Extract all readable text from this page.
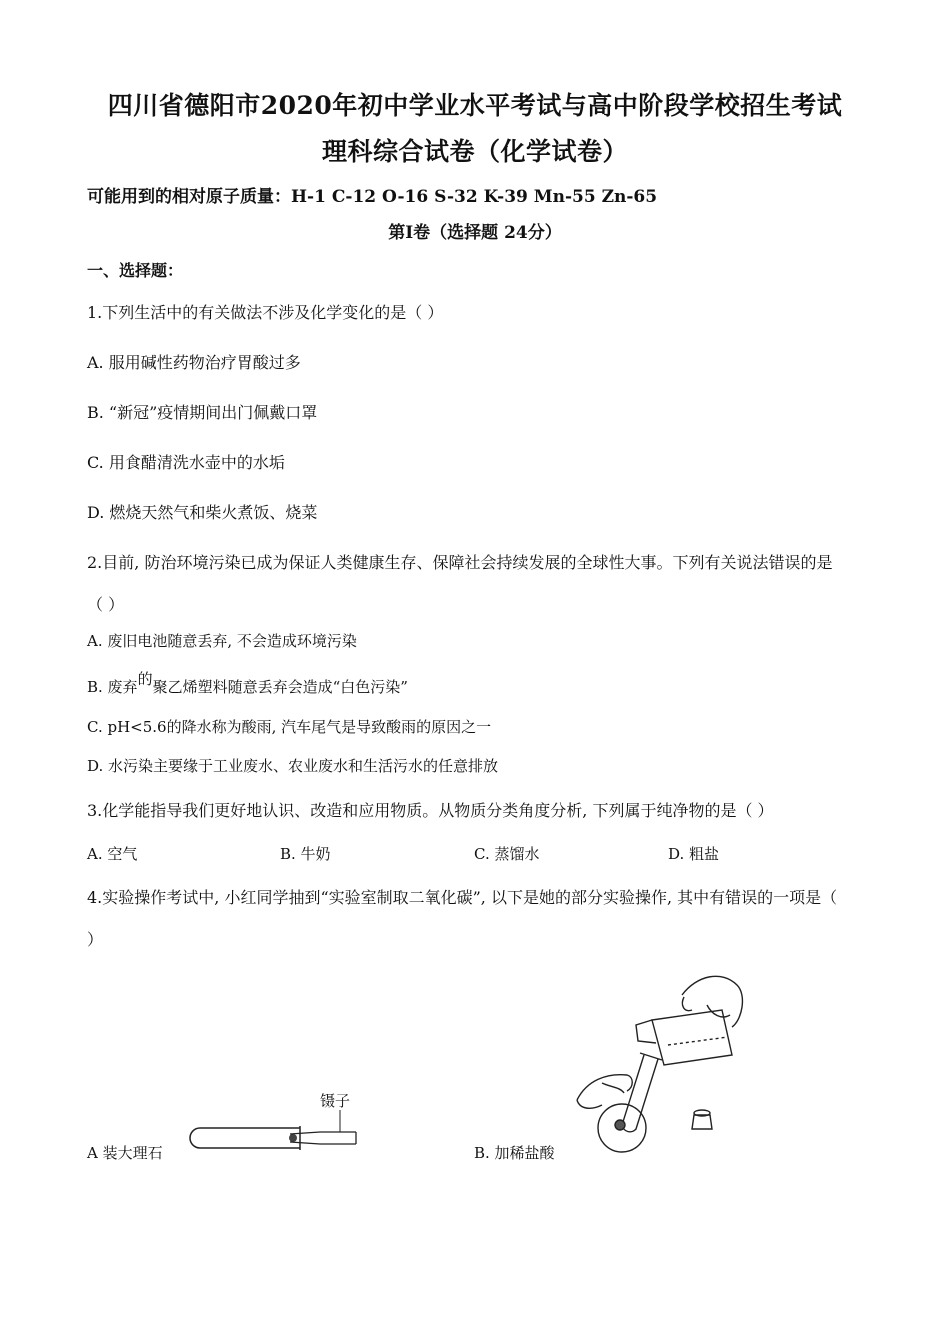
四川省德阳市2020年初中学业水平考试与高中阶段学校招生考试
理科综合试卷（化学试卷）
可能用到的相对原子质量：H-1 C-12 O-16 S-32 K-39 Mn-55 Zn-65
第Ⅰ卷（选择题 24分）
一、选择题：
1.下列生活中的有关做法不涉及化学变化的是（ ）
A. 服用碱性药物治疗胃酸过多
B. “新冠”疫情期间出门佩戴口罩
C. 用食醋清洗水壶中的水垢
D. 燃烧天然气和柴火煮饭、烧菜
2.目前, 防治环境污染已成为保证人类健康生存、保障社会持续发展的全球性大事。下列有关说法错误的是
（ ）
A. 废旧电池随意丢弃, 不会造成环境污染
B. 废弃的聚乙烯塑料随意丢弃会造成“白色污染”
C. pH<5.6的降水称为酸雨, 汽车尾气是导致酸雨的原因之一
D. 水污染主要缘于工业废水、农业废水和生活污水的任意排放
3.化学能指导我们更好地认识、改造和应用物质。从物质分类角度分析, 下列属于纯净物的是（ ）
A. 空气	B. 牛奶	C. 蒸馏水	D. 粗盐
4.实验操作考试中, 小红同学抽到“实验室制取二氧化碳”, 以下是她的部分实验操作, 其中有错误的一项是（
）
镊子
A 装大理石	B. 加稀盐酸
